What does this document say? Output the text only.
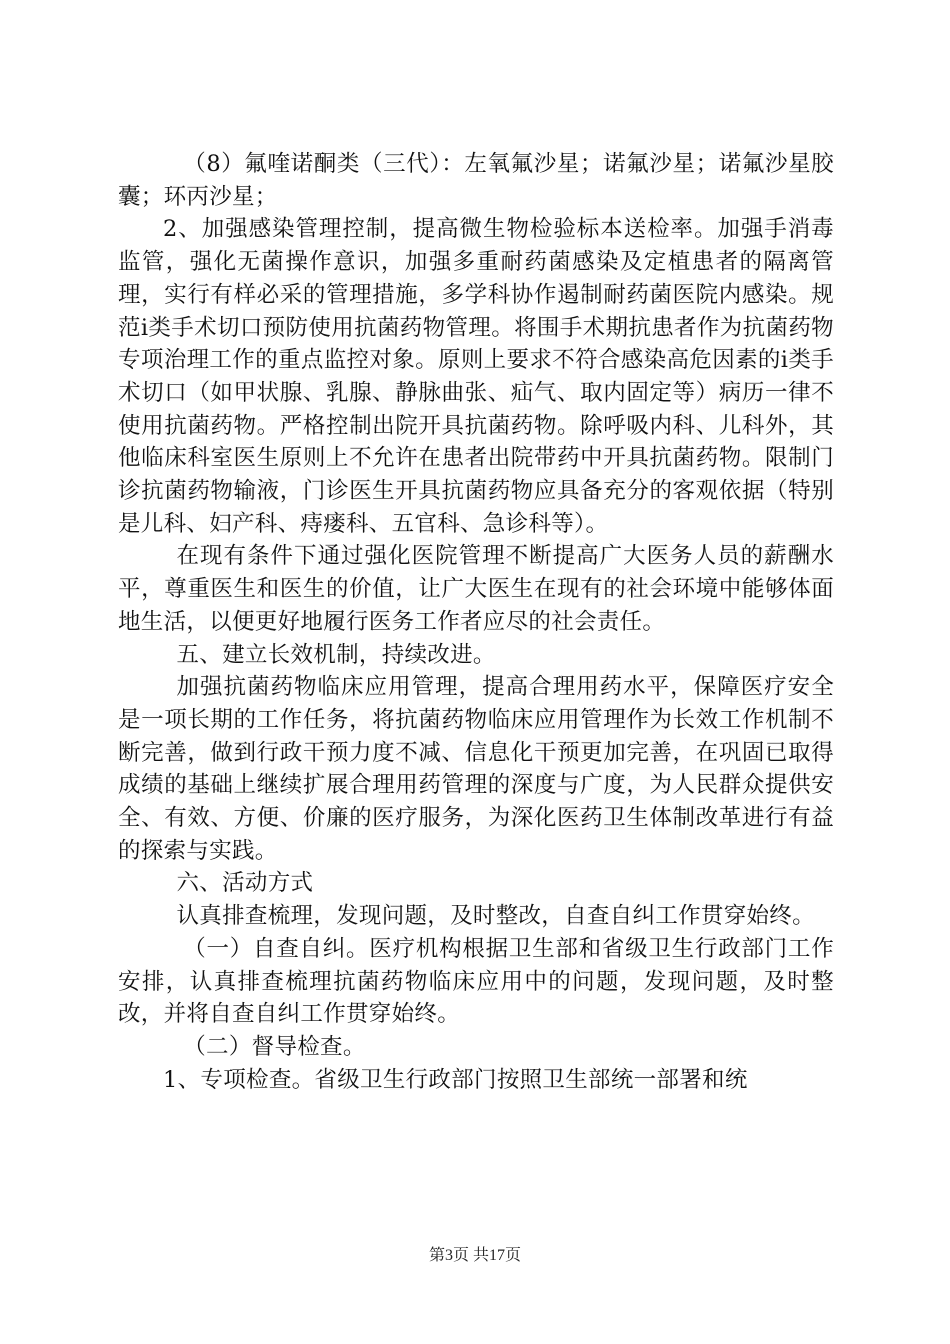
（8）氟喹诺酮类（三代）：左氧氟沙星；诺氟沙星；诺氟沙星胶囊；环丙沙星；

2、加强感染管理控制，提高微生物检验标本送检率。加强手消毒监管，强化无菌操作意识，加强多重耐药菌感染及定植患者的隔离管理，实行有样必采的管理措施，多学科协作遏制耐药菌医院内感染。规范ⅰ类手术切口预防使用抗菌药物管理。将围手术期抗患者作为抗菌药物专项治理工作的重点监控对象。原则上要求不符合感染高危因素的ⅰ类手术切口（如甲状腺、乳腺、静脉曲张、疝气、取内固定等）病历一律不使用抗菌药物。严格控制出院开具抗菌药物。除呼吸内科、儿科外，其他临床科室医生原则上不允许在患者出院带药中开具抗菌药物。限制门诊抗菌药物输液，门诊医生开具抗菌药物应具备充分的客观依据（特别是儿科、妇产科、痔瘘科、五官科、急诊科等）。

在现有条件下通过强化医院管理不断提高广大医务人员的薪酬水平，尊重医生和医生的价值，让广大医生在现有的社会环境中能够体面地生活，以便更好地履行医务工作者应尽的社会责任。

五、建立长效机制，持续改进。

加强抗菌药物临床应用管理，提高合理用药水平，保障医疗安全是一项长期的工作任务，将抗菌药物临床应用管理作为长效工作机制不断完善，做到行政干预力度不减、信息化干预更加完善，在巩固已取得成绩的基础上继续扩展合理用药管理的深度与广度，为人民群众提供安全、有效、方便、价廉的医疗服务，为深化医药卫生体制改革进行有益的探索与实践。

六、活动方式

认真排查梳理，发现问题，及时整改，自查自纠工作贯穿始终。

（一）自查自纠。医疗机构根据卫生部和省级卫生行政部门工作安排，认真排查梳理抗菌药物临床应用中的问题，发现问题，及时整改，并将自查自纠工作贯穿始终。

（二）督导检查。

1、专项检查。省级卫生行政部门按照卫生部统一部署和统

第3页 共17页
